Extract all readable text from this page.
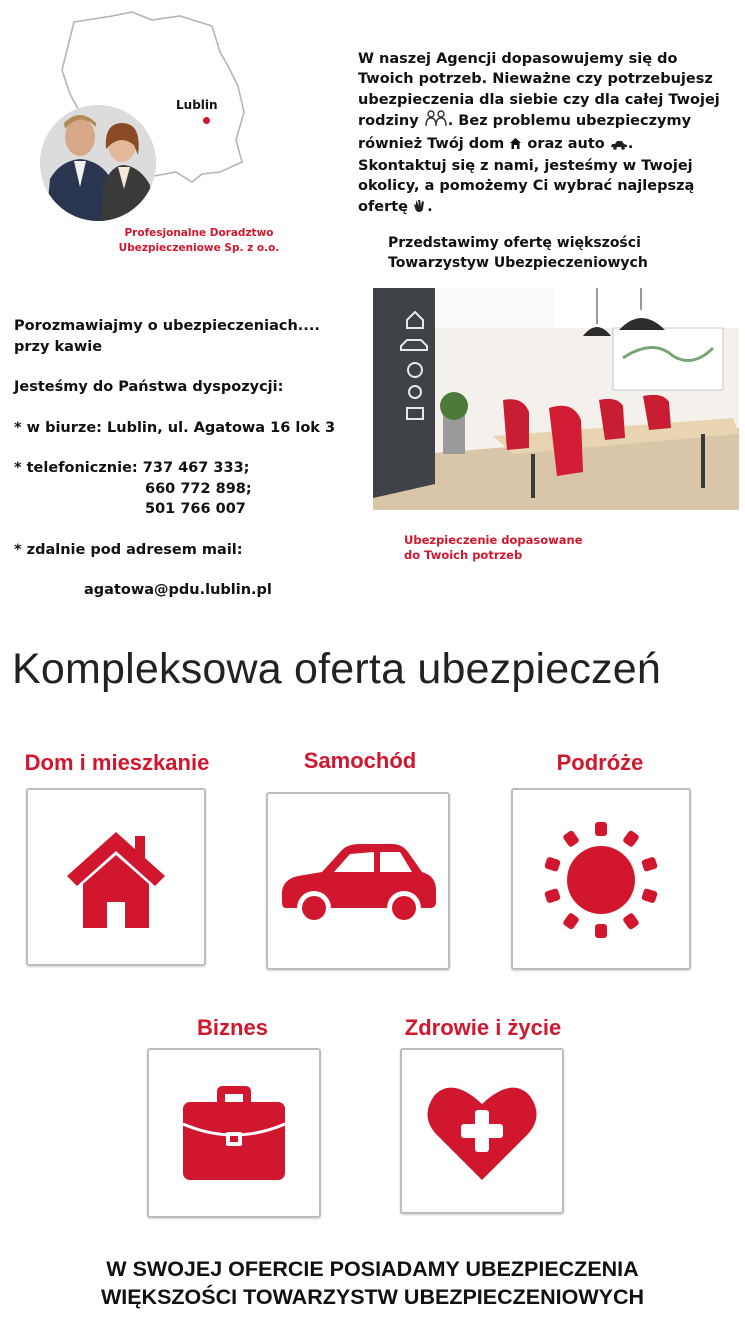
Lublin
Profesjonalne Doradztwo
Ubezpieczeniowe Sp. z o.o.
W naszej Agencji dopasowujemy się do
Twoich potrzeb. Nieważne czy potrzebujesz
ubezpieczenia dla siebie czy dla całej Twojej
rodziny . Bez problemu ubezpieczymy
również Twój dom oraz auto .
Skontaktuj się z nami, jesteśmy w Twojej
okolicy, a pomożemy Ci wybrać najlepszą
ofertę .
Przedstawimy ofertę większości
Towarzystyw Ubezpieczeniowych

Porozmawiajmy o ubezpieczeniach....

przy kawie

Jesteśmy do Państwa dyspozycji:

* w biurze: Lublin, ul. Agatowa 16 lok 3

* telefonicznie: 737 467 333;

660 772 898;

501 766 007

* zdalnie pod adresem mail:

agatowa@pdu.lublin.pl

Ubezpieczenie dopasowane
do Twoich potrzeb
Kompleksowa oferta ubezpieczeń
Dom i mieszkanie	Samochód	Podróże
Biznes	Zdrowie i życie
W SWOJEJ OFERCIE POSIADAMY UBEZPIECZENIA
WIĘKSZOŚCI TOWARZYSTW UBEZPIECZENIOWYCH
